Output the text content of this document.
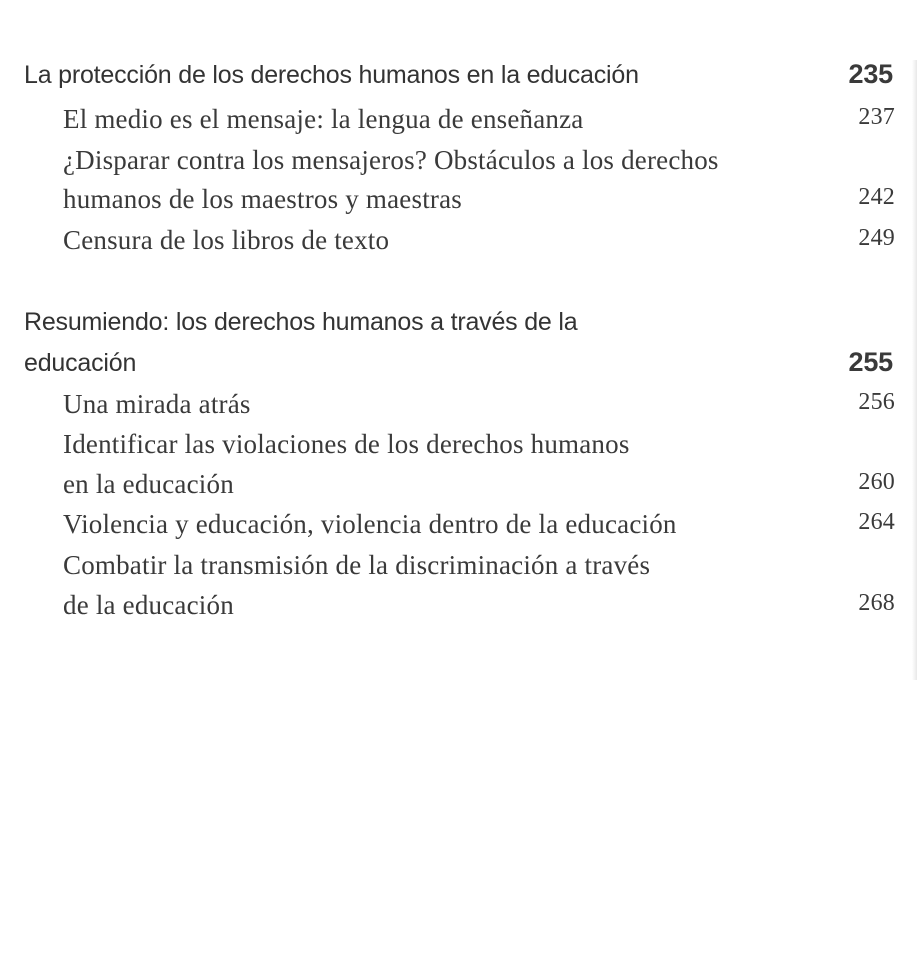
La protección de los derechos humanos en la educación	235
El medio es el mensaje: la lengua de enseñanza	237
¿Disparar contra los mensajeros? Obstáculos a los derechos
humanos de los maestros y maestras	242
Censura de los libros de texto	249
Resumiendo: los derechos humanos a través de la
educación	255
Una mirada atrás	256
Identificar las violaciones de los derechos humanos
en la educación	260
Violencia y educación, violencia dentro de la educación	264
Combatir la transmisión de la discriminación a través
de la educación	268
